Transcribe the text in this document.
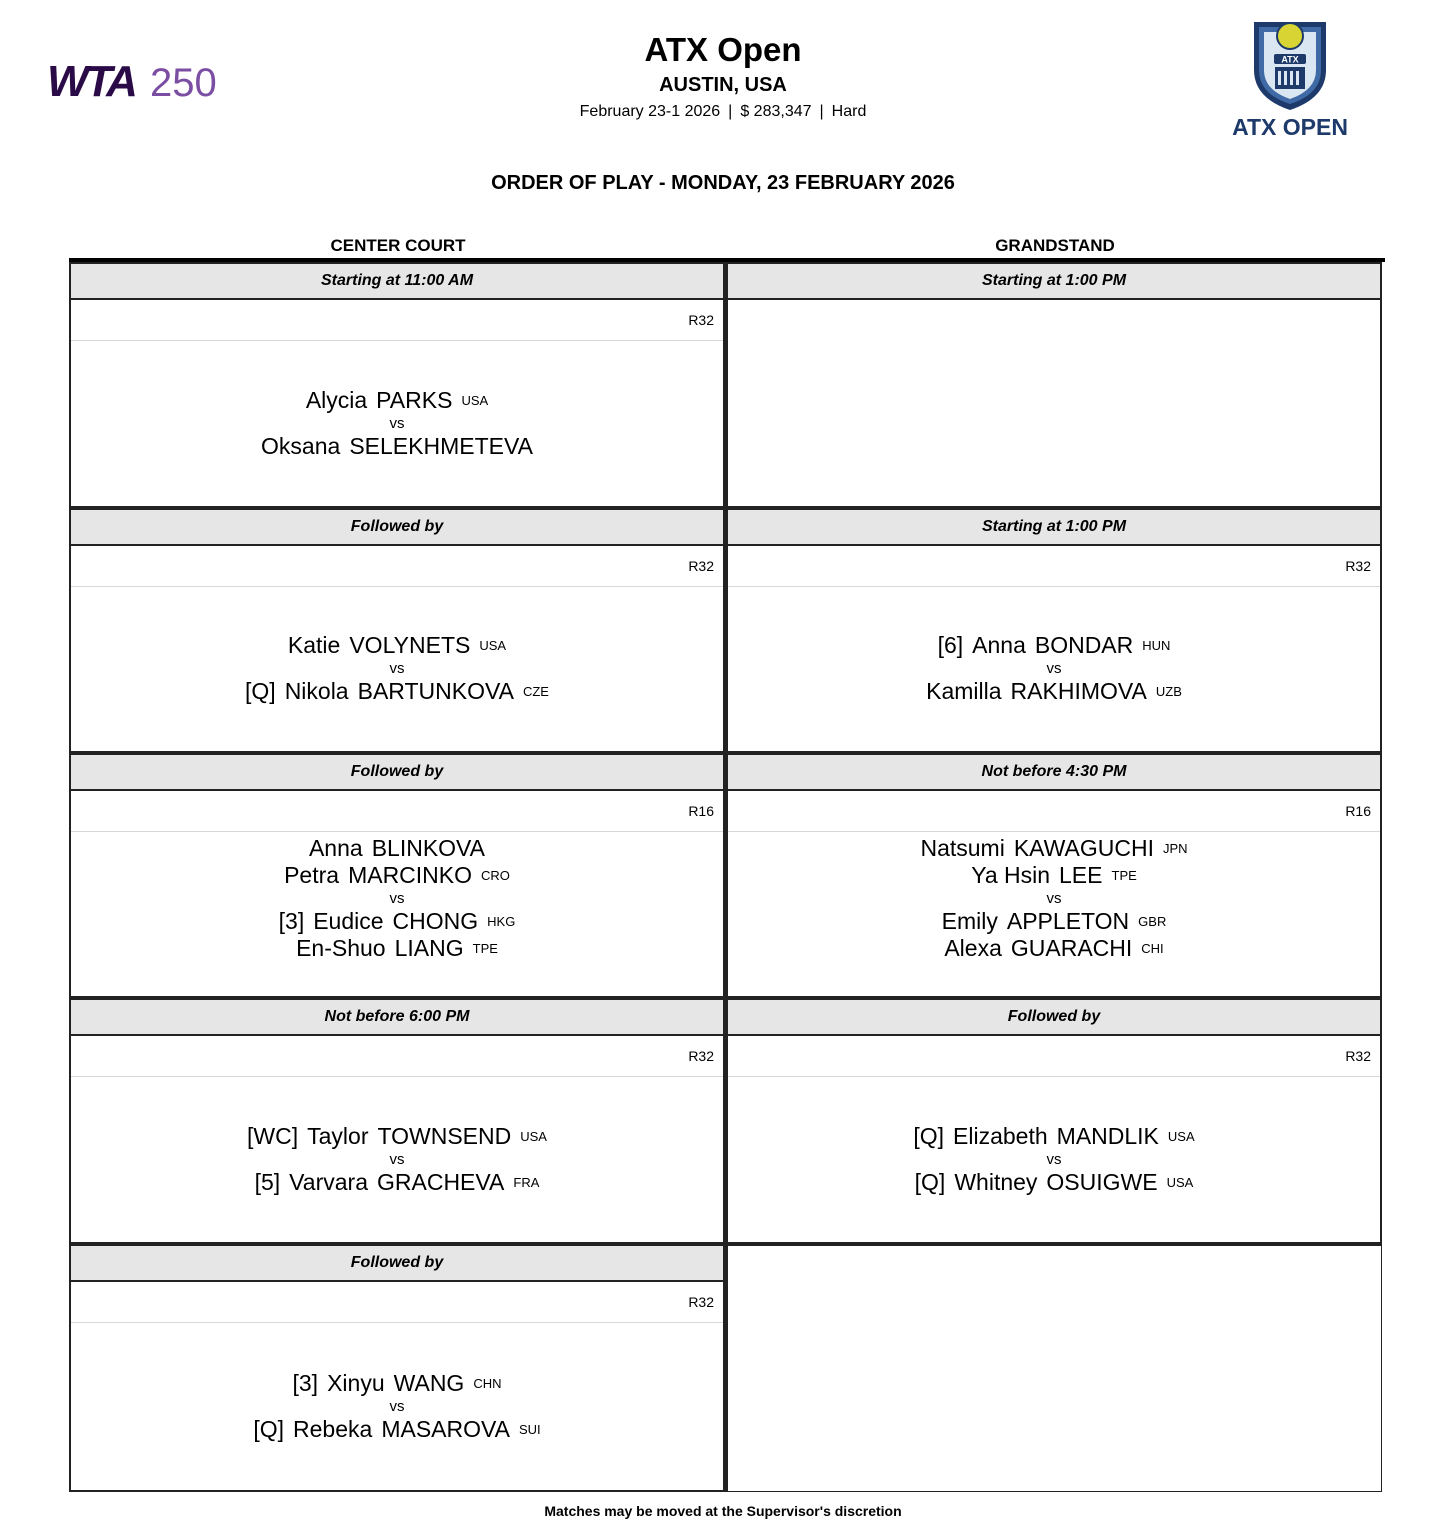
WTA 250
ATX Open
AUSTIN, USA
February 23-1 2026 | $ 283,347 | Hard
ATX
ATX OPEN
ORDER OF PLAY - MONDAY, 23 FEBRUARY 2026
CENTER COURT	GRANDSTAND
Starting at 11:00 AM
R32
Alycia PARKS USA
vs
Oksana SELEKHMETEVA
Followed by
R32
Katie VOLYNETS USA
vs
[Q] Nikola BARTUNKOVA CZE
Followed by
R16
Anna BLINKOVA
Petra MARCINKO CRO
vs
[3] Eudice CHONG HKG
En-Shuo LIANG TPE
Not before 6:00 PM
R32
[WC] Taylor TOWNSEND USA
vs
[5] Varvara GRACHEVA FRA
Followed by
R32
[3] Xinyu WANG CHN
vs
[Q] Rebeka MASAROVA SUI
Starting at 1:00 PM
Starting at 1:00 PM
R32
[6] Anna BONDAR HUN
vs
Kamilla RAKHIMOVA UZB
Not before 4:30 PM
R16
Natsumi KAWAGUCHI JPN
Ya Hsin LEE TPE
vs
Emily APPLETON GBR
Alexa GUARACHI CHI
Followed by
R32
[Q] Elizabeth MANDLIK USA
vs
[Q] Whitney OSUIGWE USA
Matches may be moved at the Supervisor's discretion
